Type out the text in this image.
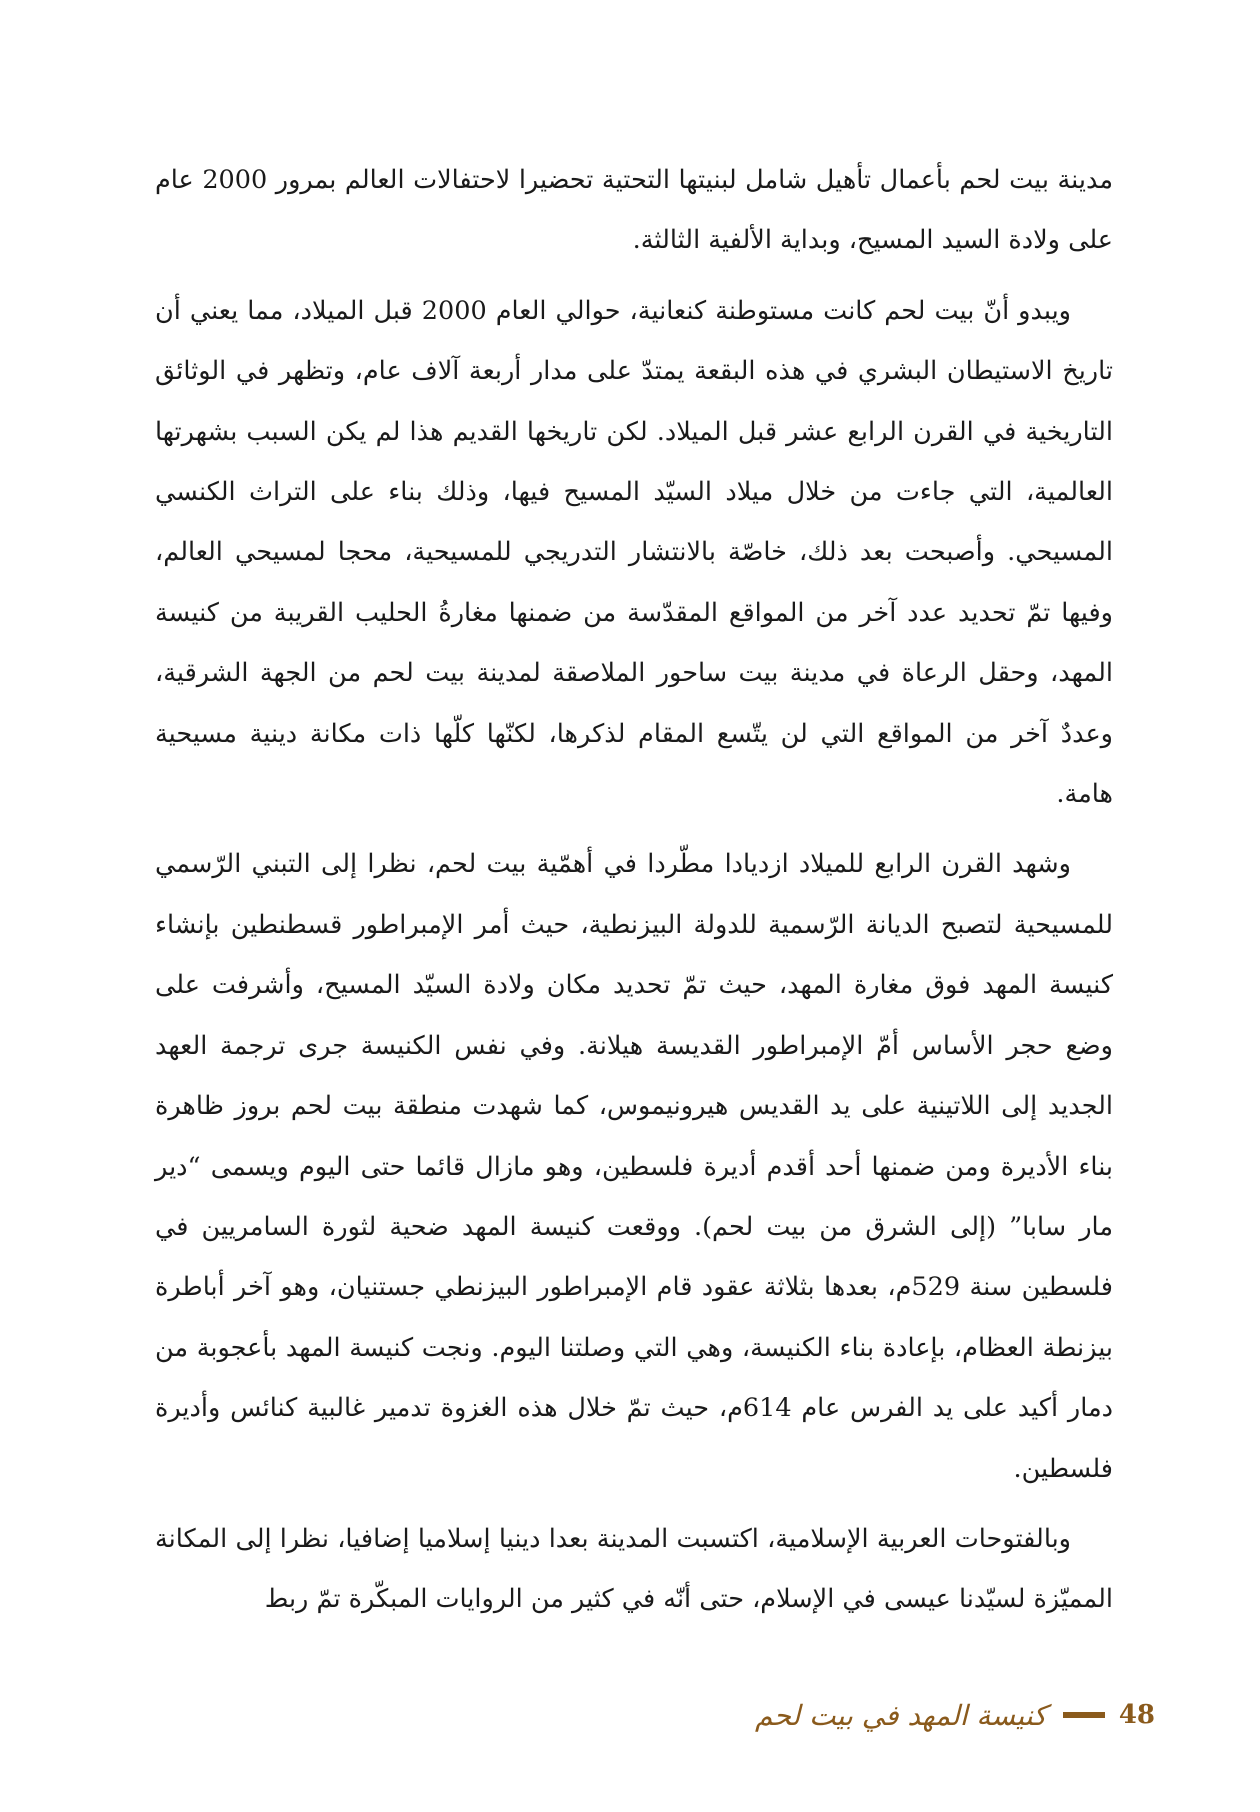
مدينة بيت لحم بأعمال تأهيل شامل لبنيتها التحتية تحضيرا لاحتفالات العالم بمرور 2000 عام على ولادة السيد المسيح، وبداية الألفية الثالثة.

ويبدو أنّ بيت لحم كانت مستوطنة كنعانية، حوالي العام 2000 قبل الميلاد، مما يعني أن تاريخ الاستيطان البشري في هذه البقعة يمتدّ على مدار أربعة آلاف عام، وتظهر في الوثائق التاريخية في القرن الرابع عشر قبل الميلاد. لكن تاريخها القديم هذا لم يكن السبب بشهرتها العالمية، التي جاءت من خلال ميلاد السيّد المسيح فيها، وذلك بناء على التراث الكنسي المسيحي. وأصبحت بعد ذلك، خاصّة بالانتشار التدريجي للمسيحية، محجا لمسيحي العالم، وفيها تمّ تحديد عدد آخر من المواقع المقدّسة من ضمنها مغارةُ الحليب القريبة من كنيسة المهد، وحقل الرعاة في مدينة بيت ساحور الملاصقة لمدينة بيت لحم من الجهة الشرقية، وعددٌ آخر من المواقع التي لن يتّسع المقام لذكرها، لكنّها كلّها ذات مكانة دينية مسيحية هامة.

وشهد القرن الرابع للميلاد ازديادا مطّردا في أهمّية بيت لحم، نظرا إلى التبني الرّسمي للمسيحية لتصبح الديانة الرّسمية للدولة البيزنطية، حيث أمر الإمبراطور قسطنطين بإنشاء كنيسة المهد فوق مغارة المهد، حيث تمّ تحديد مكان ولادة السيّد المسيح، وأشرفت على وضع حجر الأساس أمّ الإمبراطور القديسة هيلانة. وفي نفس الكنيسة جرى ترجمة العهد الجديد إلى اللاتينية على يد القديس هيرونيموس، كما شهدت منطقة بيت لحم بروز ظاهرة بناء الأديرة ومن ضمنها أحد أقدم أديرة فلسطين، وهو مازال قائما حتى اليوم ويسمى “دير مار سابا” (إلى الشرق من بيت لحم). ووقعت كنيسة المهد ضحية لثورة السامريين في فلسطين سنة 529م، بعدها بثلاثة عقود قام الإمبراطور البيزنطي جستنيان، وهو آخر أباطرة بيزنطة العظام، بإعادة بناء الكنيسة، وهي التي وصلتنا اليوم. ونجت كنيسة المهد بأعجوبة من دمار أكيد على يد الفرس عام 614م، حيث تمّ خلال هذه الغزوة تدمير غالبية كنائس وأديرة فلسطين.

وبالفتوحات العربية الإسلامية، اكتسبت المدينة بعدا دينيا إسلاميا إضافيا، نظرا إلى المكانة المميّزة لسيّدنا عيسى في الإسلام، حتى أنّه في كثير من الروايات المبكّرة تمّ ربط

كنيسة المهد في بيت لحم	48
